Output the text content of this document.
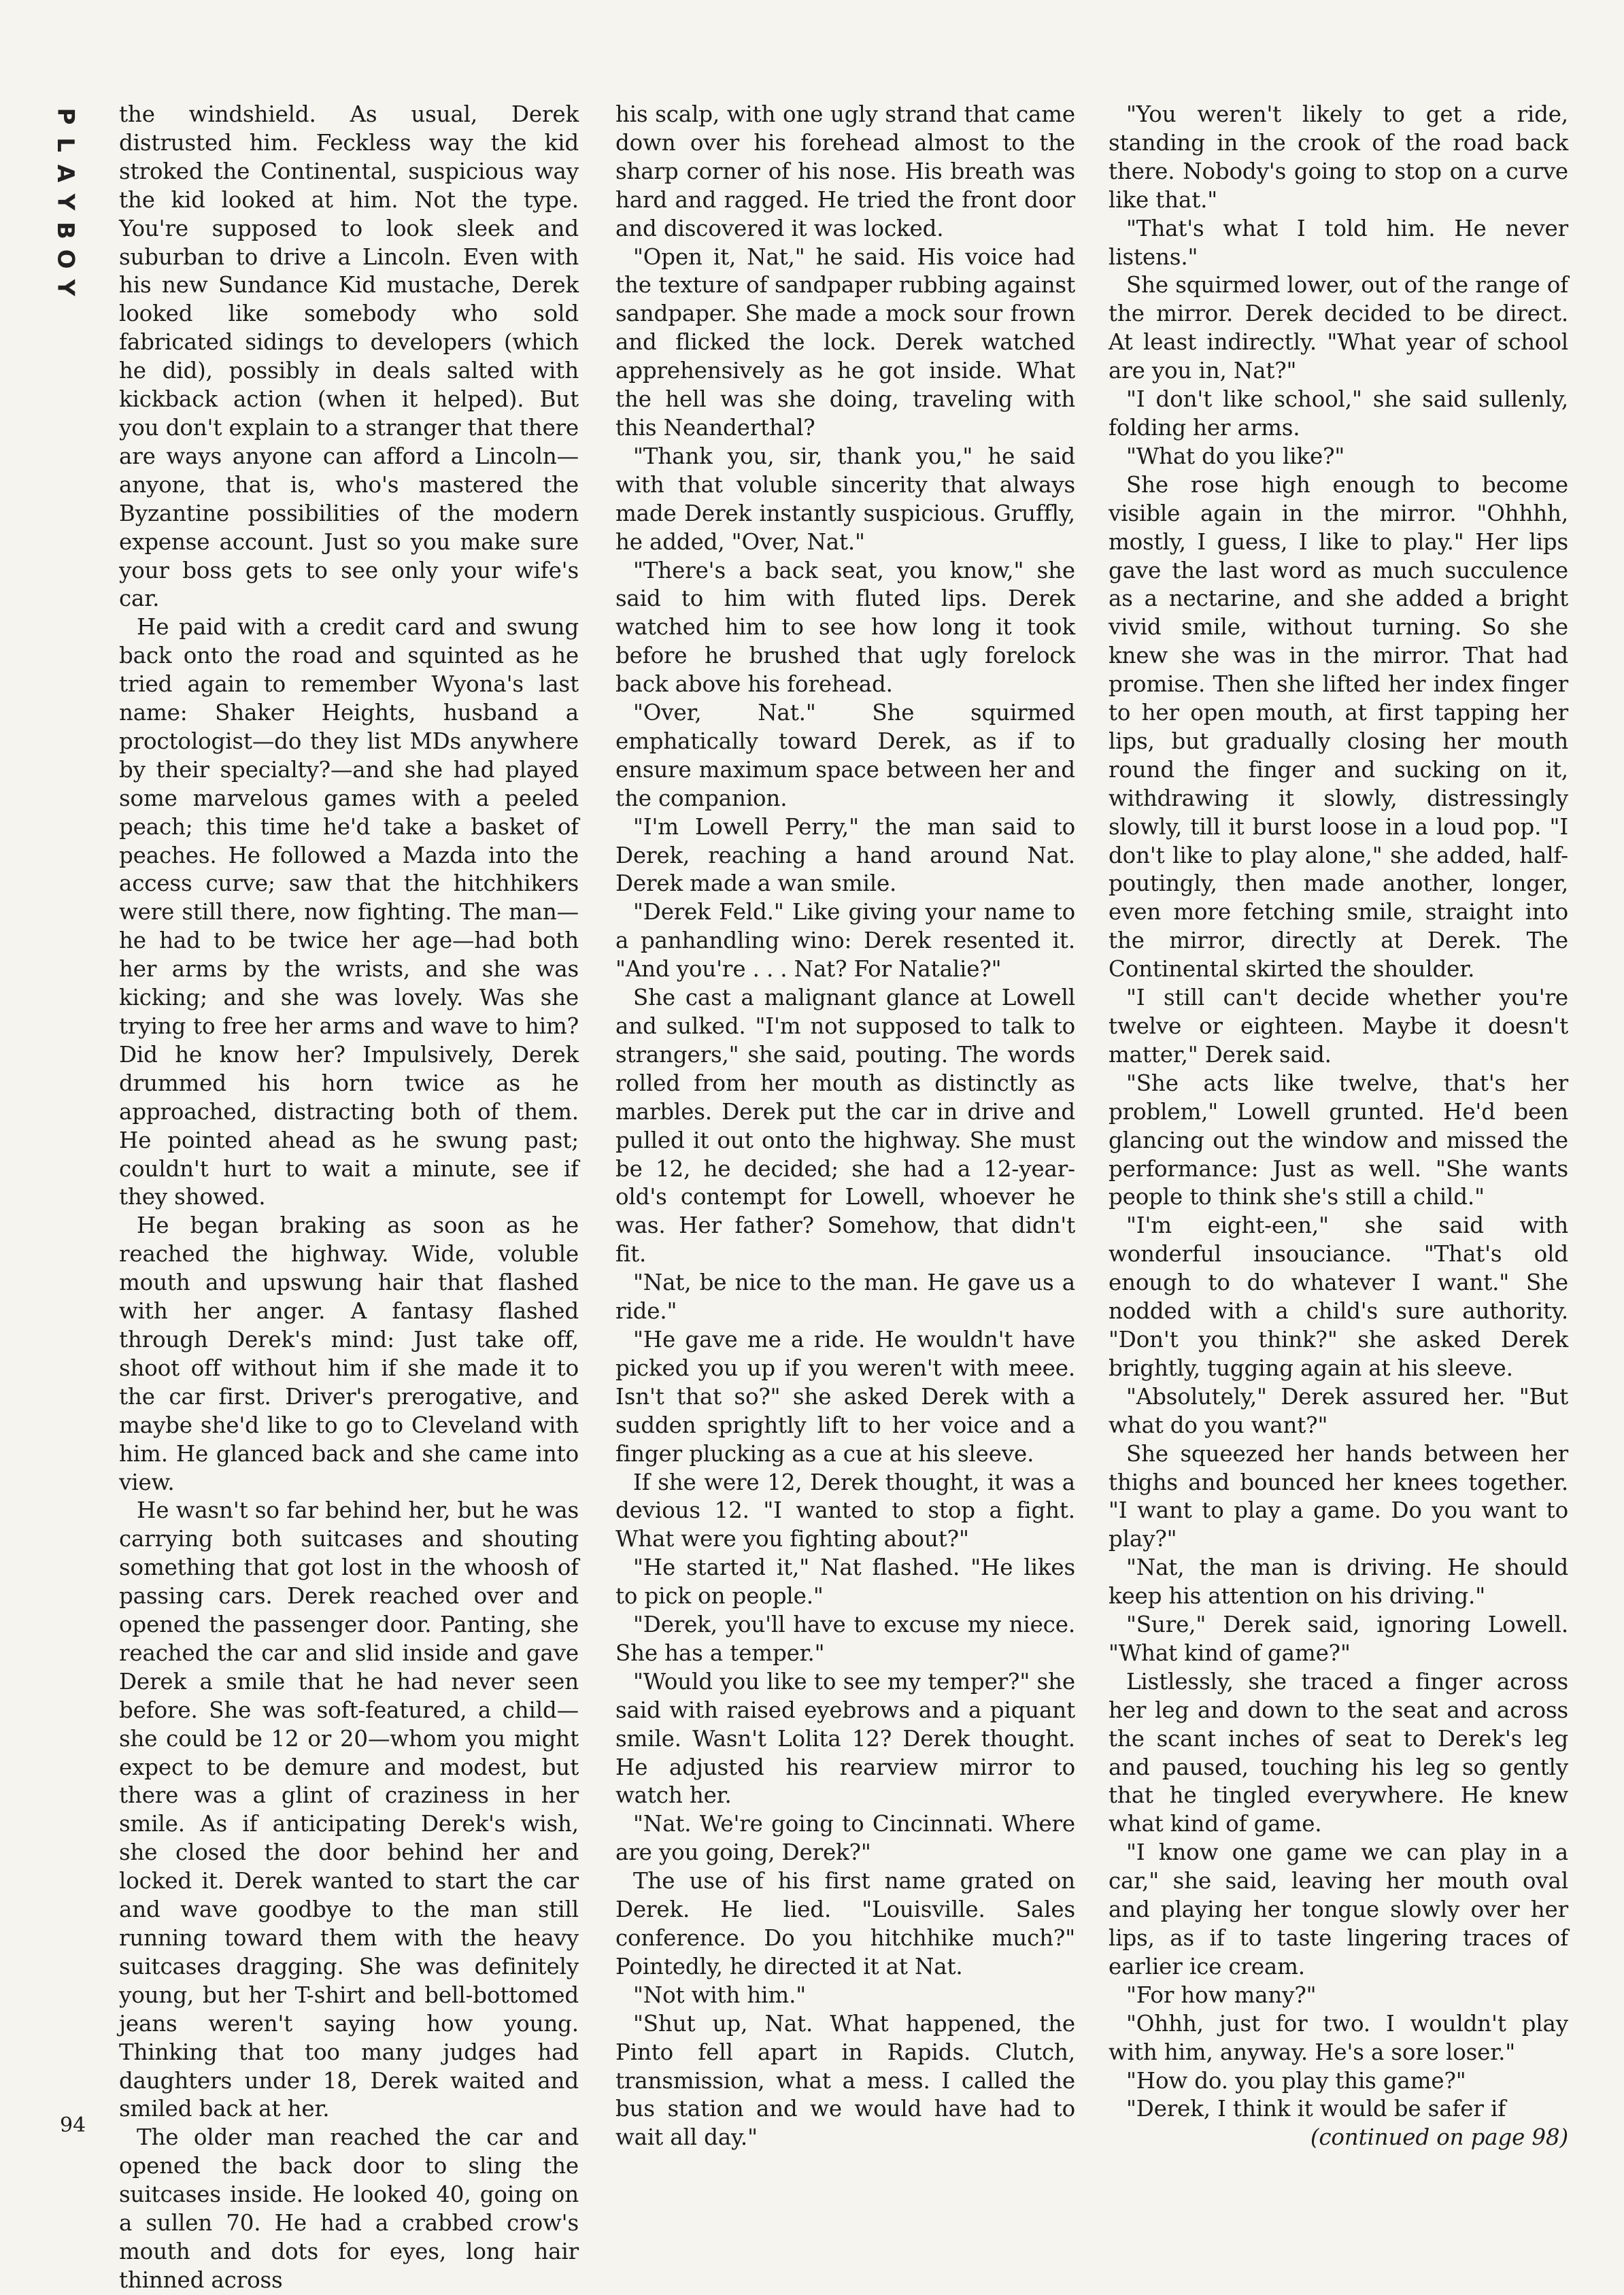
P
L
A
Y
B
O
Y

the windshield. As usual, Derek distrusted him. Feckless way the kid stroked the Continental, suspicious way the kid looked at him. Not the type. You're supposed to look sleek and suburban to drive a Lincoln. Even with his new Sundance Kid mustache, Derek looked like somebody who sold fabricated sidings to developers (which he did), possibly in deals salted with kickback action (when it helped). But you don't explain to a stranger that there are ways anyone can afford a Lincoln—anyone, that is, who's mastered the Byzantine possibilities of the modern expense account. Just so you make sure your boss gets to see only your wife's car.

He paid with a credit card and swung back onto the road and squinted as he tried again to remember Wyona's last name: Shaker Heights, husband a proctologist—do they list MDs anywhere by their specialty?—and she had played some marvelous games with a peeled peach; this time he'd take a basket of peaches. He followed a Mazda into the access curve; saw that the hitchhikers were still there, now fighting. The man—he had to be twice her age—had both her arms by the wrists, and she was kicking; and she was lovely. Was she trying to free her arms and wave to him? Did he know her? Impulsively, Derek drummed his horn twice as he approached, distracting both of them. He pointed ahead as he swung past; couldn't hurt to wait a minute, see if they showed.

He began braking as soon as he reached the highway. Wide, voluble mouth and upswung hair that flashed with her anger. A fantasy flashed through Derek's mind: Just take off, shoot off without him if she made it to the car first. Driver's prerogative, and maybe she'd like to go to Cleveland with him. He glanced back and she came into view.

He wasn't so far behind her, but he was carrying both suitcases and shouting something that got lost in the whoosh of passing cars. Derek reached over and opened the passenger door. Panting, she reached the car and slid inside and gave Derek a smile that he had never seen before. She was soft-featured, a child—she could be 12 or 20—whom you might expect to be demure and modest, but there was a glint of craziness in her smile. As if anticipating Derek's wish, she closed the door behind her and locked it. Derek wanted to start the car and wave goodbye to the man still running toward them with the heavy suitcases dragging. She was definitely young, but her T-shirt and bell-bottomed jeans weren't saying how young. Thinking that too many judges had daughters under 18, Derek waited and smiled back at her.

The older man reached the car and opened the back door to sling the suitcases inside. He looked 40, going on a sullen 70. He had a crabbed crow's mouth and dots for eyes, long hair thinned across

his scalp, with one ugly strand that came down over his forehead almost to the sharp corner of his nose. His breath was hard and ragged. He tried the front door and discovered it was locked.

"Open it, Nat," he said. His voice had the texture of sandpaper rubbing against sandpaper. She made a mock sour frown and flicked the lock. Derek watched apprehensively as he got inside. What the hell was she doing, traveling with this Neanderthal?

"Thank you, sir, thank you," he said with that voluble sincerity that always made Derek instantly suspicious. Gruffly, he added, "Over, Nat."

"There's a back seat, you know," she said to him with fluted lips. Derek watched him to see how long it took before he brushed that ugly forelock back above his forehead.

"Over, Nat." She squirmed emphatically toward Derek, as if to ensure maximum space between her and the companion.

"I'm Lowell Perry," the man said to Derek, reaching a hand around Nat. Derek made a wan smile.

"Derek Feld." Like giving your name to a panhandling wino: Derek resented it. "And you're . . . Nat? For Natalie?"

She cast a malignant glance at Lowell and sulked. "I'm not supposed to talk to strangers," she said, pouting. The words rolled from her mouth as distinctly as marbles. Derek put the car in drive and pulled it out onto the highway. She must be 12, he decided; she had a 12-year-old's contempt for Lowell, whoever he was. Her father? Somehow, that didn't fit.

"Nat, be nice to the man. He gave us a ride."

"He gave me a ride. He wouldn't have picked you up if you weren't with meee. Isn't that so?" she asked Derek with a sudden sprightly lift to her voice and a finger plucking as a cue at his sleeve.

If she were 12, Derek thought, it was a devious 12. "I wanted to stop a fight. What were you fighting about?"

"He started it," Nat flashed. "He likes to pick on people."

"Derek, you'll have to excuse my niece. She has a temper."

"Would you like to see my temper?" she said with raised eyebrows and a piquant smile. Wasn't Lolita 12? Derek thought. He adjusted his rearview mirror to watch her.

"Nat. We're going to Cincinnati. Where are you going, Derek?"

The use of his first name grated on Derek. He lied. "Louisville. Sales conference. Do you hitchhike much?" Pointedly, he directed it at Nat.

"Not with him."

"Shut up, Nat. What happened, the Pinto fell apart in Rapids. Clutch, transmission, what a mess. I called the bus station and we would have had to wait all day."

"You weren't likely to get a ride, standing in the crook of the road back there. Nobody's going to stop on a curve like that."

"That's what I told him. He never listens."

She squirmed lower, out of the range of the mirror. Derek decided to be direct. At least indirectly. "What year of school are you in, Nat?"

"I don't like school," she said sullenly, folding her arms.

"What do you like?"

She rose high enough to become visible again in the mirror. "Ohhhh, mostly, I guess, I like to play." Her lips gave the last word as much succulence as a nectarine, and she added a bright vivid smile, without turning. So she knew she was in the mirror. That had promise. Then she lifted her index finger to her open mouth, at first tapping her lips, but gradually closing her mouth round the finger and sucking on it, withdrawing it slowly, distressingly slowly, till it burst loose in a loud pop. "I don't like to play alone," she added, half-poutingly, then made another, longer, even more fetching smile, straight into the mirror, directly at Derek. The Continental skirted the shoulder.

"I still can't decide whether you're twelve or eighteen. Maybe it doesn't matter," Derek said.

"She acts like twelve, that's her problem," Lowell grunted. He'd been glancing out the window and missed the performance: Just as well. "She wants people to think she's still a child."

"I'm eight-een," she said with wonderful insouciance. "That's old enough to do whatever I want." She nodded with a child's sure authority. "Don't you think?" she asked Derek brightly, tugging again at his sleeve.

"Absolutely," Derek assured her. "But what do you want?"

She squeezed her hands between her thighs and bounced her knees together. "I want to play a game. Do you want to play?"

"Nat, the man is driving. He should keep his attention on his driving."

"Sure," Derek said, ignoring Lowell. "What kind of game?"

Listlessly, she traced a finger across her leg and down to the seat and across the scant inches of seat to Derek's leg and paused, touching his leg so gently that he tingled everywhere. He knew what kind of game.

"I know one game we can play in a car," she said, leaving her mouth oval and playing her tongue slowly over her lips, as if to taste lingering traces of earlier ice cream.

"For how many?"

"Ohhh, just for two. I wouldn't play with him, anyway. He's a sore loser."

"How do. you play this game?"

"Derek, I think it would be safer if

(continued on page 98)
94
